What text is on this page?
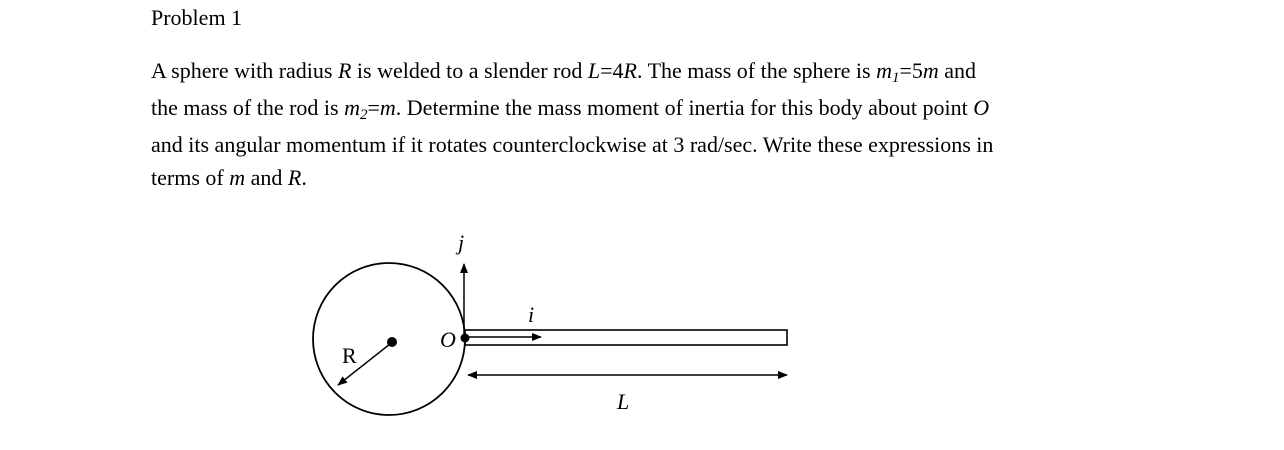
Problem 1
A sphere with radius R is welded to a slender rod L=4R. The mass of the sphere is m1=5m and
the mass of the rod is m2=m. Determine the mass moment of inertia for this body about point O
and its angular momentum if it rotates counterclockwise at 3 rad/sec. Write these expressions in
terms of m and R.
R
O
j
i
L
